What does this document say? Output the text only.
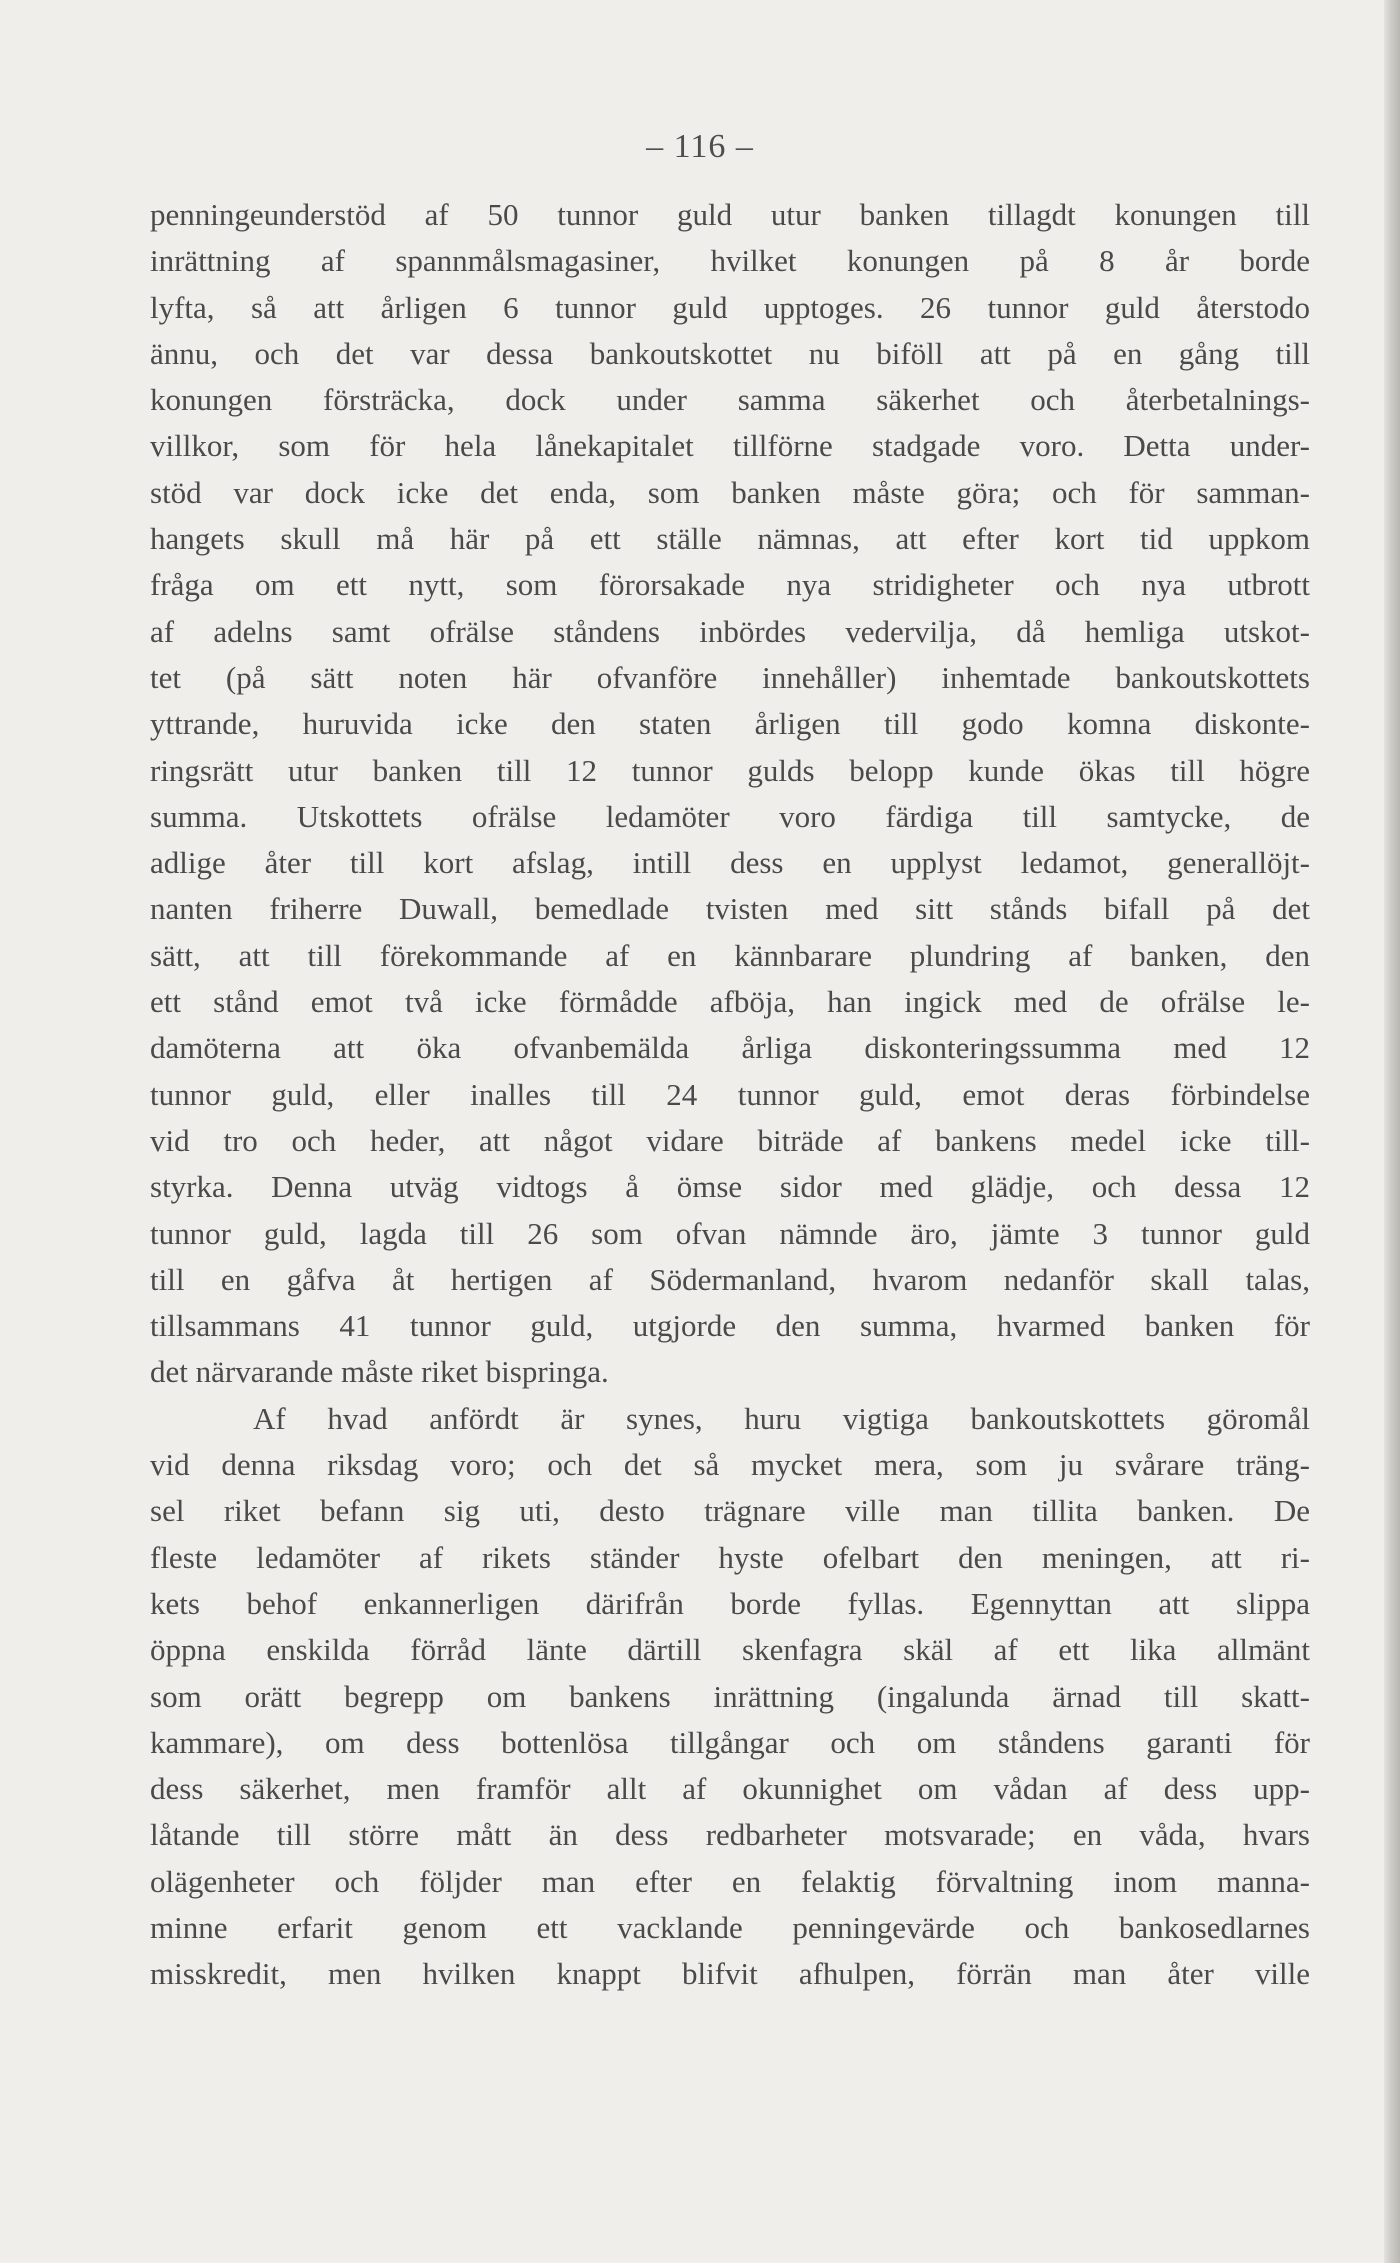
– 116 –
penningeunderstöd af 50 tunnor guld utur banken tillagdt konungen till
inrättning af spannmålsmagasiner, hvilket konungen på 8 år borde
lyfta, så att årligen 6 tunnor guld upptoges. 26 tunnor guld återstodo
ännu, och det var dessa bankoutskottet nu biföll att på en gång till
konungen försträcka, dock under samma säkerhet och återbetalnings-
villkor, som för hela lånekapitalet tillförne stadgade voro. Detta under-
stöd var dock icke det enda, som banken måste göra; och för samman-
hangets skull må här på ett ställe nämnas, att efter kort tid uppkom
fråga om ett nytt, som förorsakade nya stridigheter och nya utbrott
af adelns samt ofrälse ståndens inbördes vedervilja, då hemliga utskot-
tet (på sätt noten här ofvanföre innehåller) inhemtade bankoutskottets
yttrande, huruvida icke den staten årligen till godo komna diskonte-
ringsrätt utur banken till 12 tunnor gulds belopp kunde ökas till högre
summa. Utskottets ofrälse ledamöter voro färdiga till samtycke, de
adlige åter till kort afslag, intill dess en upplyst ledamot, generallöjt-
nanten friherre Duwall, bemedlade tvisten med sitt stånds bifall på det
sätt, att till förekommande af en kännbarare plundring af banken, den
ett stånd emot två icke förmådde afböja, han ingick med de ofrälse le-
damöterna att öka ofvanbemälda årliga diskonteringssumma med 12
tunnor guld, eller inalles till 24 tunnor guld, emot deras förbindelse
vid tro och heder, att något vidare biträde af bankens medel icke till-
styrka. Denna utväg vidtogs å ömse sidor med glädje, och dessa 12
tunnor guld, lagda till 26 som ofvan nämnde äro, jämte 3 tunnor guld
till en gåfva åt hertigen af Södermanland, hvarom nedanför skall talas,
tillsammans 41 tunnor guld, utgjorde den summa, hvarmed banken för
det närvarande måste riket bispringa.
Af hvad anfördt är synes, huru vigtiga bankoutskottets göromål
vid denna riksdag voro; och det så mycket mera, som ju svårare träng-
sel riket befann sig uti, desto trägnare ville man tillita banken. De
fleste ledamöter af rikets ständer hyste ofelbart den meningen, att ri-
kets behof enkannerligen därifrån borde fyllas. Egennyttan att slippa
öppna enskilda förråd länte därtill skenfagra skäl af ett lika allmänt
som orätt begrepp om bankens inrättning (ingalunda ärnad till skatt-
kammare), om dess bottenlösa tillgångar och om ståndens garanti för
dess säkerhet, men framför allt af okunnighet om vådan af dess upp-
låtande till större mått än dess redbarheter motsvarade; en våda, hvars
olägenheter och följder man efter en felaktig förvaltning inom manna-
minne erfarit genom ett vacklande penningevärde och bankosedlarnes
misskredit, men hvilken knappt blifvit afhulpen, förrän man åter ville
